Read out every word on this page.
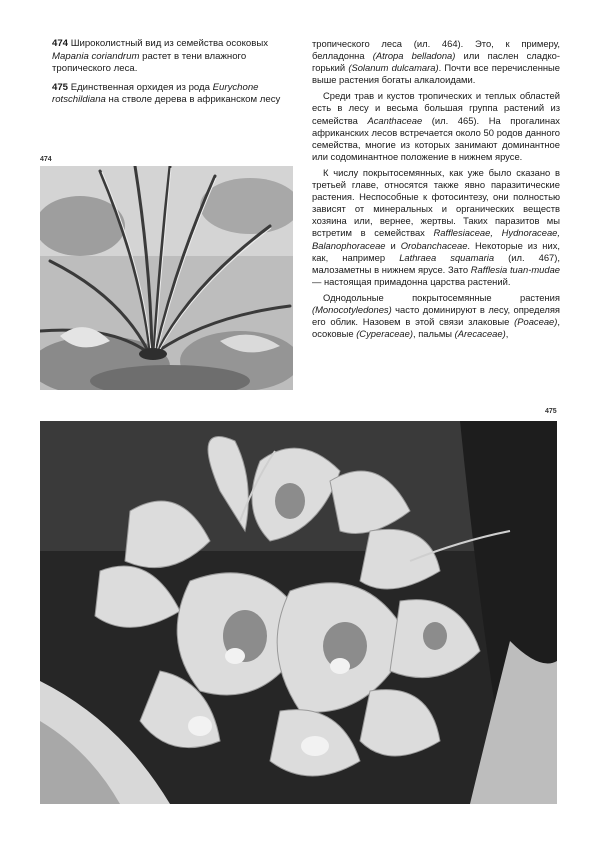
474 Широколистный вид из семейства осоковых Mapania coriandrum растет в тени влажного тропического леса.

475 Единственная орхидея из рода Eurychone rotschildiana на стволе дерева в африканском лесу

тропического леса (ил. 464). Это, к примеру, белладонна (Atropa belladona) или паслен сладко-горький (Solanum dulcamara). Почти все перечисленные выше растения богаты алкалоидами.

Среди трав и кустов тропических и теплых областей есть в лесу и весьма большая группа растений из семейства Acanthaceae (ил. 465). На прогалинах африканских лесов встречается около 50 родов данного семейства, многие из которых занимают доминантное или содоминантное положение в нижнем ярусе.

К числу покрытосемянных, как уже было сказано в третьей главе, относятся также явно паразитические растения. Неспособные к фотосинтезу, они полностью зависят от минеральных и органических веществ хозяина или, вернее, жертвы. Таких паразитов мы встретим в семействах Rafflesiaceae, Hydnoraceae, Balanophoraceae и Orobanchaceae. Некоторые из них, как, например Lathraea squamaria (ил. 467), малозаметны в нижнем ярусе. Зато Rafflesia tuan-mudae — настоящая примадонна царства растений.

Однодольные покрытосемянные растения (Monocotyledones) часто доминируют в лесу, определяя его облик. Назовем в этой связи злаковые (Poaceae), осоковые (Cyperaceae), пальмы (Arecaceae),

474
475
